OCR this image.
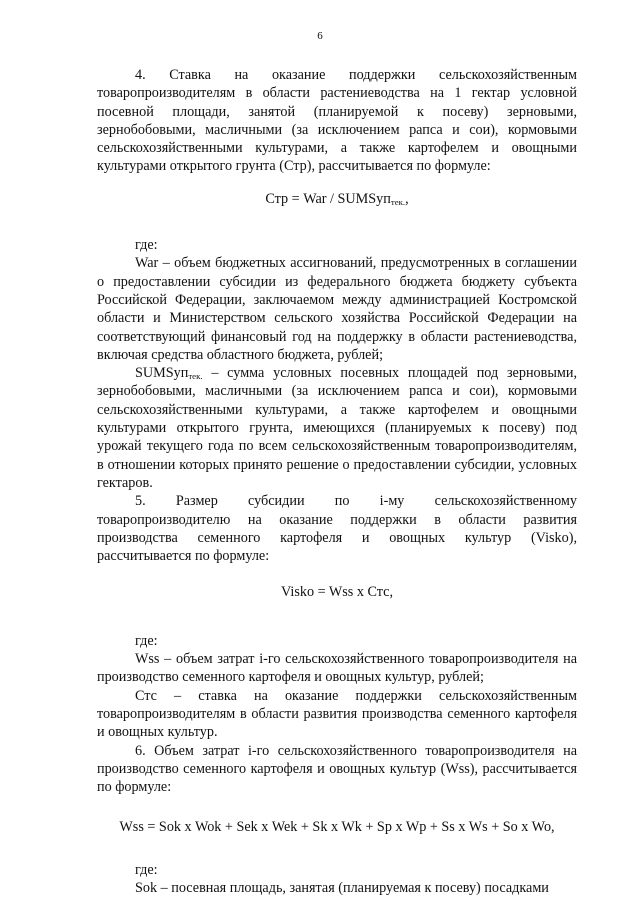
6

4. Ставка на оказание поддержки сельскохозяйственным товаропроизводителям в области растениеводства на 1 гектар условной посевной площади, занятой (планируемой к посеву) зерновыми, зернобобовыми, масличными (за исключением рапса и сои), кормовыми сельскохозяйственными культурами, а также картофелем и овощными культурами открытого грунта (Стр), рассчитывается по формуле:

Стр = War / SUMSуп$_{тек.}$,

где:

War – объем бюджетных ассигнований, предусмотренных в соглашении о предоставлении субсидии из федерального бюджета бюджету субъекта Российской Федерации, заключаемом между администрацией Костромской области и Министерством сельского хозяйства Российской Федерации на соответствующий финансовый год на поддержку в области растениеводства, включая средства областного бюджета, рублей;

SUMSуп$_{тек.}$ – сумма условных посевных площадей под зерновыми, зернобобовыми, масличными (за исключением рапса и сои), кормовыми сельскохозяйственными культурами, а также картофелем и овощными культурами открытого грунта, имеющихся (планируемых к посеву) под урожай текущего года по всем сельскохозяйственным товаропроизводителям, в отношении которых принято решение о предоставлении субсидии, условных гектаров.

5. Размер субсидии по i-му сельскохозяйственному товаропроизводителю на оказание поддержки в области развития производства семенного картофеля и овощных культур (Visko), рассчитывается по формуле:

Visko = Wss x Стс,

где:

Wss – объем затрат i-го сельскохозяйственного товаропроизводителя на производство семенного картофеля и овощных культур, рублей;

Стс – ставка на оказание поддержки сельскохозяйственным товаропроизводителям в области развития производства семенного картофеля и овощных культур.

6. Объем затрат i-го сельскохозяйственного товаропроизводителя на производство семенного картофеля и овощных культур (Wss), рассчитывается по формуле:

Wss = Sok x Wok + Sek x Wek + Sk x Wk + Sp x Wp + Ss x Ws + So x Wo,

где:

Sok – посевная площадь, занятая (планируемая к посеву) посадками
